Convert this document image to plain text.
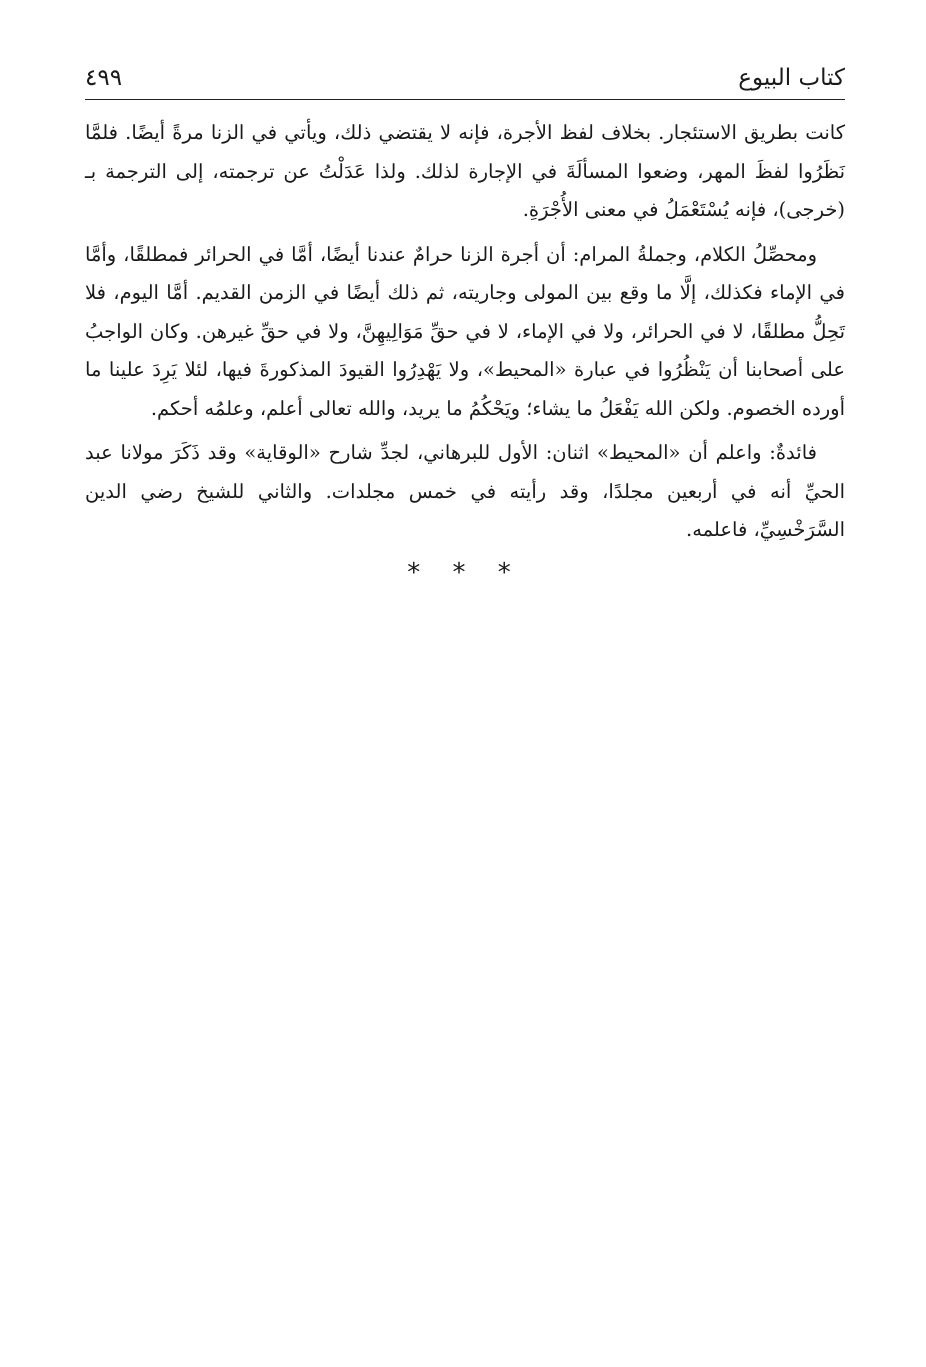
كتاب البيوع
٤٩٩

كانت بطريق الاستئجار. بخلاف لفظ الأجرة، فإنه لا يقتضي ذلك، ويأتي في الزنا مرةً أيضًا. فلمَّا نَظَرُوا لفظَ المهر، وضعوا المسألَةَ في الإجارة لذلك. ولذا عَدَلْتُ عن ترجمته، إلى الترجمة بـ (خرجى)، فإنه يُسْتَعْمَلُ في معنى الأُجْرَةِ.

ومحصِّلُ الكلام، وجملةُ المرام: أن أجرة الزنا حرامٌ عندنا أيضًا، أمَّا في الحرائر فمطلقًا، وأمَّا في الإماء فكذلك، إلَّا ما وقع بين المولى وجاريته، ثم ذلك أيضًا في الزمن القديم. أمَّا اليوم، فلا تَحِلُّ مطلقًا، لا في الحرائر، ولا في الإماء، لا في حقِّ مَوَالِيهِنَّ، ولا في حقِّ غيرهن. وكان الواجبُ على أصحابنا أن يَنْظُرُوا في عبارة «المحيط»، ولا يَهْدِرُوا القيودَ المذكورةَ فيها، لئلا يَرِدَ علينا ما أورده الخصوم. ولكن الله يَفْعَلُ ما يشاء؛ ويَحْكُمُ ما يريد، والله تعالى أعلم، وعلمُه أحكم.

فائدةٌ: واعلم أن «المحيط» اثنان: الأول للبرهاني، لجدِّ شارح «الوقاية» وقد ذَكَرَ مولانا عبد الحيِّ أنه في أربعين مجلدًا، وقد رأيته في خمس مجلدات. والثاني للشيخ رضي الدين السَّرَخْسِيِّ، فاعلمه.

* * *
